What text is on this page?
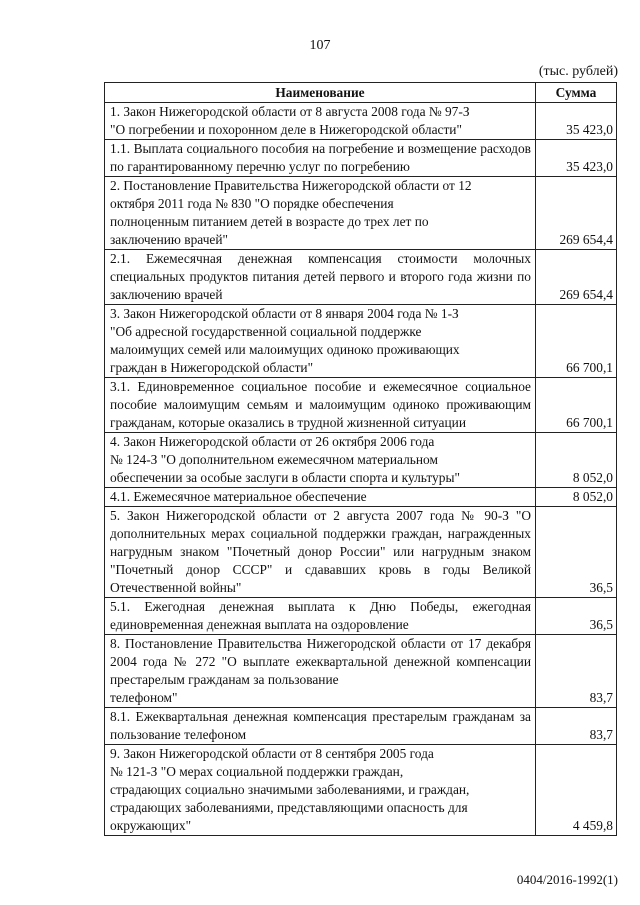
107
(тыс. рублей)
Наименование	Сумма
1. Закон Нижегородской области от 8 августа 2008 года № 97-З
"О погребении и похоронном деле в Нижегородской области"	35 423,0
1.1. Выплата социального пособия на погребение и возмещение расходов по гарантированному перечню услуг по погребению	35 423,0
2. Постановление Правительства Нижегородской области от 12
октября 2011 года № 830 "О порядке обеспечения
полноценным питанием детей в возрасте до трех лет по
заключению врачей"	269 654,4
2.1. Ежемесячная денежная компенсация стоимости молочных специальных продуктов питания детей первого и второго года жизни по заключению врачей	269 654,4
3. Закон Нижегородской области от 8 января 2004 года № 1-З
"Об адресной государственной социальной поддержке
малоимущих семей или малоимущих одиноко проживающих
граждан в Нижегородской области"	66 700,1
3.1. Единовременное социальное пособие и ежемесячное социальное пособие малоимущим семьям и малоимущим одиноко проживающим гражданам, которые оказались в трудной жизненной ситуации	66 700,1
4. Закон Нижегородской области от 26 октября 2006 года
№ 124-З "О дополнительном ежемесячном материальном
обеспечении за особые заслуги в области спорта и культуры"	8 052,0
4.1. Ежемесячное материальное обеспечение	8 052,0
5. Закон Нижегородской области от 2 августа 2007 года № 90-З "О дополнительных мерах социальной поддержки граждан, награжденных нагрудным знаком "Почетный донор России" или нагрудным знаком "Почетный донор СССР" и сдававших кровь в годы Великой Отечественной войны"	36,5
5.1. Ежегодная денежная выплата к Дню Победы, ежегодная единовременная денежная выплата на оздоровление	36,5
8. Постановление Правительства Нижегородской области от 17 декабря 2004 года № 272 "О выплате ежеквартальной денежной компенсации престарелым гражданам за пользование
телефоном"	83,7
8.1. Ежеквартальная денежная компенсация престарелым гражданам за пользование телефоном	83,7
9. Закон Нижегородской области от 8 сентября 2005 года
№ 121-З "О мерах социальной поддержки граждан,
страдающих социально значимыми заболеваниями, и граждан,
страдающих заболеваниями, представляющими опасность для
окружающих"	4 459,8
0404/2016-1992(1)
